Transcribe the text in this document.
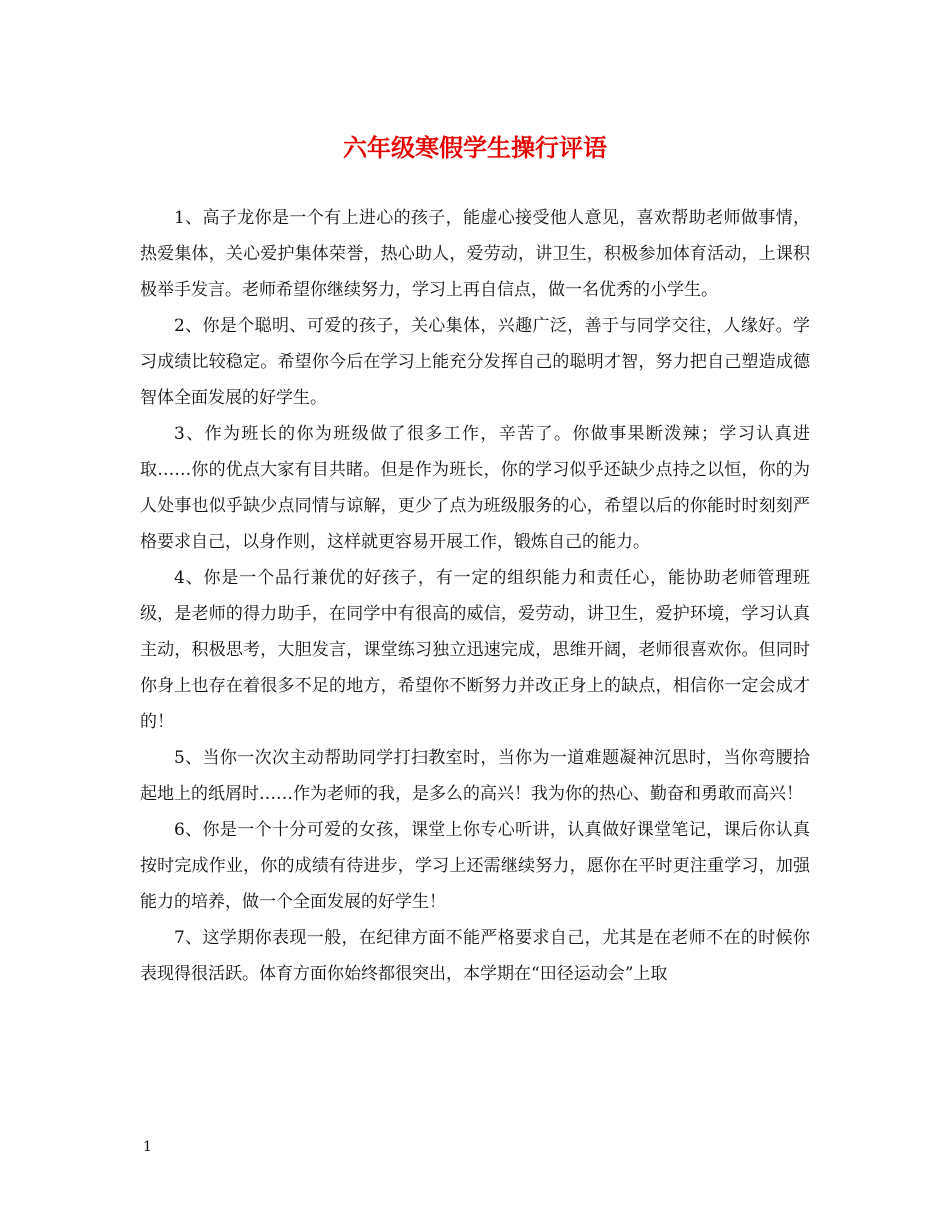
六年级寒假学生操行评语

1、高子龙你是一个有上进心的孩子，能虚心接受他人意见，喜欢帮助老师做事情，热爱集体，关心爱护集体荣誉，热心助人，爱劳动，讲卫生，积极参加体育活动，上课积极举手发言。老师希望你继续努力，学习上再自信点，做一名优秀的小学生。

2、你是个聪明、可爱的孩子，关心集体，兴趣广泛，善于与同学交往，人缘好。学习成绩比较稳定。希望你今后在学习上能充分发挥自己的聪明才智，努力把自己塑造成德智体全面发展的好学生。

3、作为班长的你为班级做了很多工作，辛苦了。你做事果断泼辣；学习认真进取……你的优点大家有目共睹。但是作为班长，你的学习似乎还缺少点持之以恒，你的为人处事也似乎缺少点同情与谅解，更少了点为班级服务的心，希望以后的你能时时刻刻严格要求自己，以身作则，这样就更容易开展工作，锻炼自己的能力。

4、你是一个品行兼优的好孩子，有一定的组织能力和责任心，能协助老师管理班级，是老师的得力助手，在同学中有很高的威信，爱劳动，讲卫生，爱护环境，学习认真主动，积极思考，大胆发言，课堂练习独立迅速完成，思维开阔，老师很喜欢你。但同时你身上也存在着很多不足的地方，希望你不断努力并改正身上的缺点，相信你一定会成才的！

5、当你一次次主动帮助同学打扫教室时，当你为一道难题凝神沉思时，当你弯腰拾起地上的纸屑时……作为老师的我，是多么的高兴！我为你的热心、勤奋和勇敢而高兴！

6、你是一个十分可爱的女孩，课堂上你专心听讲，认真做好课堂笔记，课后你认真按时完成作业，你的成绩有待进步，学习上还需继续努力，愿你在平时更注重学习，加强能力的培养，做一个全面发展的好学生！

7、这学期你表现一般，在纪律方面不能严格要求自己，尤其是在老师不在的时候你表现得很活跃。体育方面你始终都很突出，本学期在“田径运动会”上取

1
